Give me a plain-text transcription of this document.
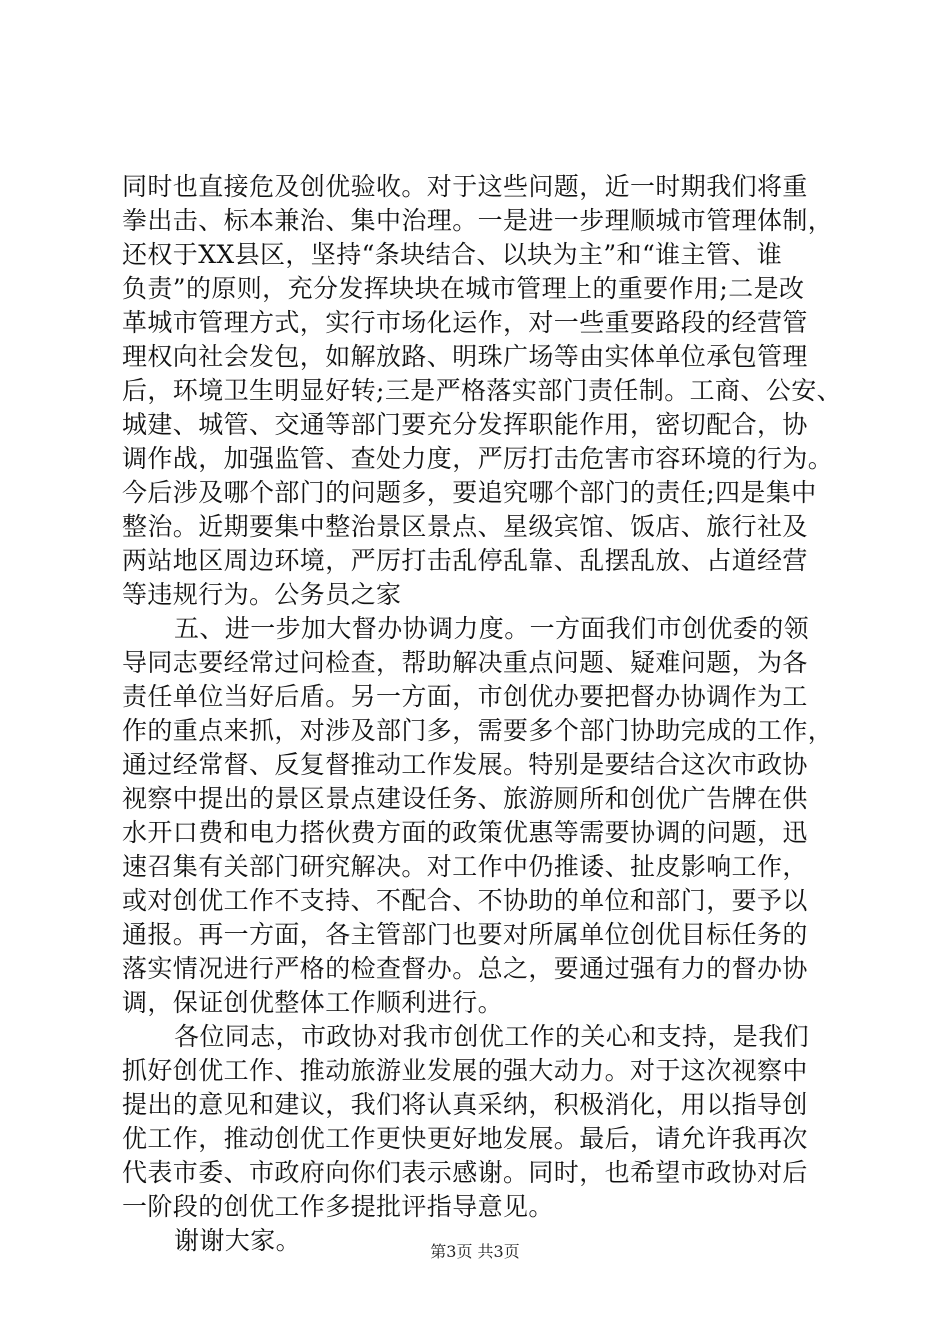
同时也直接危及创优验收。对于这些问题，近一时期我们将重
拳出击、标本兼治、集中治理。一是进一步理顺城市管理体制，
还权于XX县区，坚持“条块结合、以块为主”和“谁主管、谁
负责”的原则，充分发挥块块在城市管理上的重要作用;二是改
革城市管理方式，实行市场化运作，对一些重要路段的经营管
理权向社会发包，如解放路、明珠广场等由实体单位承包管理
后，环境卫生明显好转;三是严格落实部门责任制。工商、公安、
城建、城管、交通等部门要充分发挥职能作用，密切配合，协
调作战，加强监管、查处力度，严厉打击危害市容环境的行为。
今后涉及哪个部门的问题多，要追究哪个部门的责任;四是集中
整治。近期要集中整治景区景点、星级宾馆、饭店、旅行社及
两站地区周边环境，严厉打击乱停乱靠、乱摆乱放、占道经营
等违规行为。公务员之家
五、进一步加大督办协调力度。一方面我们市创优委的领
导同志要经常过问检查，帮助解决重点问题、疑难问题，为各
责任单位当好后盾。另一方面，市创优办要把督办协调作为工
作的重点来抓，对涉及部门多，需要多个部门协助完成的工作，
通过经常督、反复督推动工作发展。特别是要结合这次市政协
视察中提出的景区景点建设任务、旅游厕所和创优广告牌在供
水开口费和电力搭伙费方面的政策优惠等需要协调的问题，迅
速召集有关部门研究解决。对工作中仍推诿、扯皮影响工作，
或对创优工作不支持、不配合、不协助的单位和部门，要予以
通报。再一方面，各主管部门也要对所属单位创优目标任务的
落实情况进行严格的检查督办。总之，要通过强有力的督办协
调，保证创优整体工作顺利进行。
各位同志，市政协对我市创优工作的关心和支持，是我们
抓好创优工作、推动旅游业发展的强大动力。对于这次视察中
提出的意见和建议，我们将认真采纳，积极消化，用以指导创
优工作，推动创优工作更快更好地发展。最后，请允许我再次
代表市委、市政府向你们表示感谢。同时，也希望市政协对后
一阶段的创优工作多提批评指导意见。
谢谢大家。	第3页 共3页
